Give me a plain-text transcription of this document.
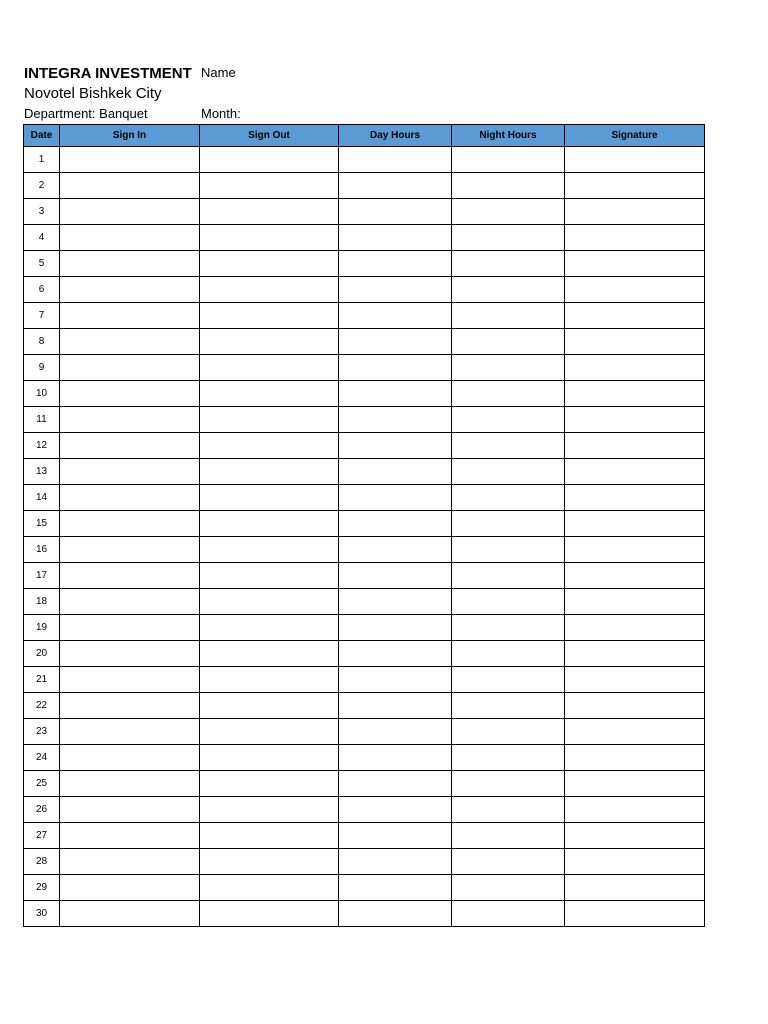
INTEGRA INVESTMENT Name
Novotel Bishkek City
Department: Banquet	Month:
Date	Sign In	Sign Out	Day Hours	Night Hours	Signature
1					
2					
3					
4					
5					
6					
7					
8					
9					
10					
11					
12					
13					
14					
15					
16					
17					
18					
19					
20					
21					
22					
23					
24					
25					
26					
27					
28					
29					
30					
